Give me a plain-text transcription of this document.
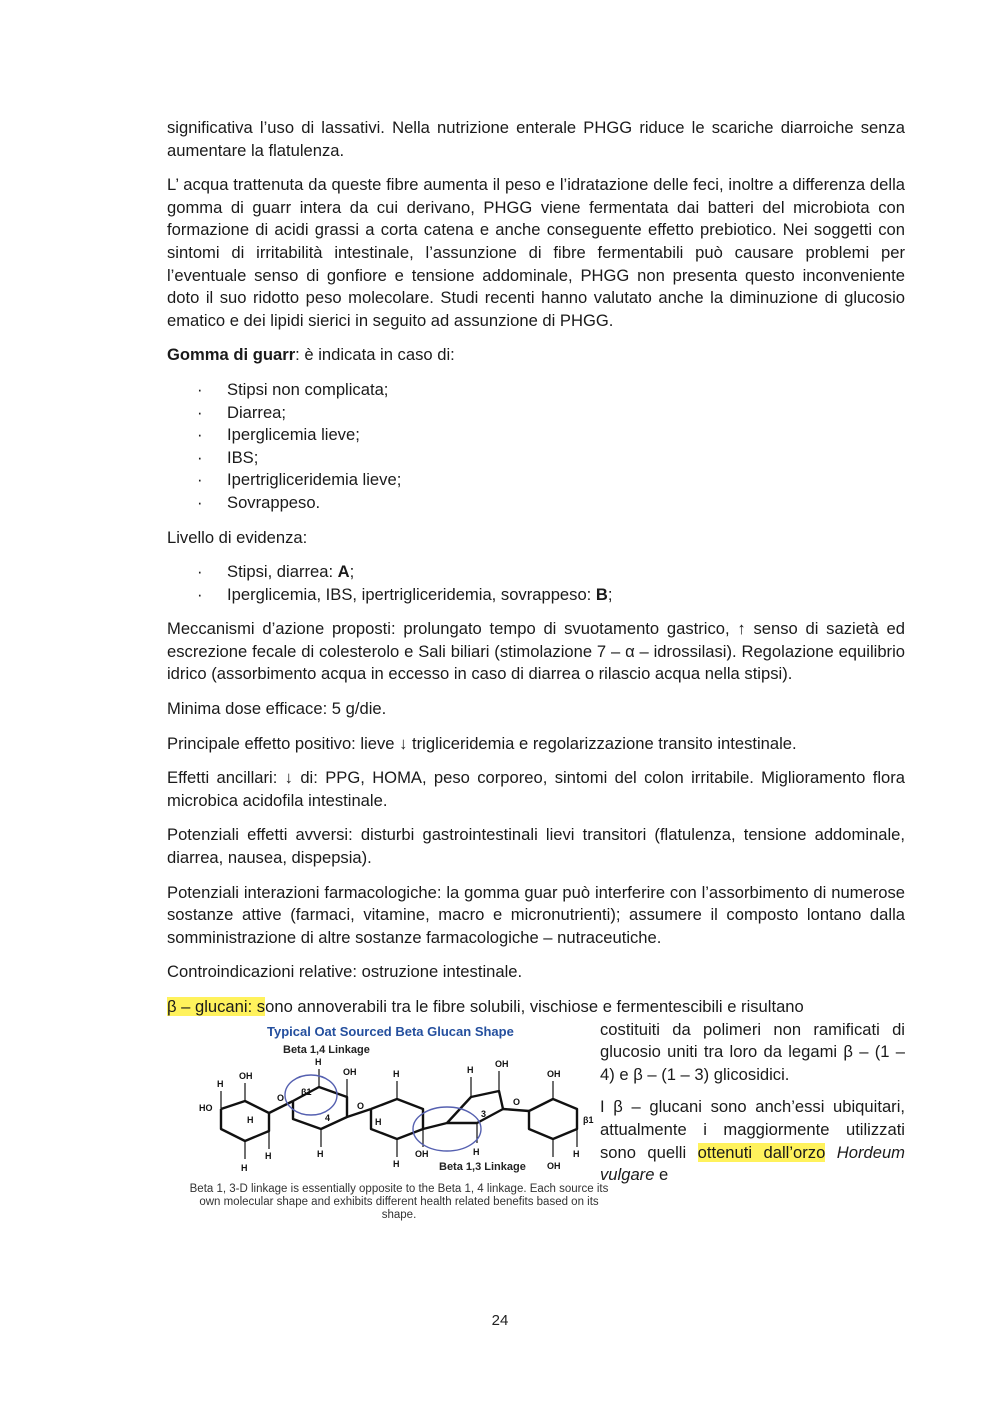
significativa l’uso di lassativi. Nella nutrizione enterale PHGG riduce le scariche diarroiche senza aumentare la flatulenza.

L’ acqua trattenuta da queste fibre aumenta il peso e l’idratazione delle feci, inoltre a differenza della gomma di guarr intera da cui derivano, PHGG viene fermentata dai batteri del microbiota con formazione di acidi grassi a corta catena e anche conseguente effetto prebiotico. Nei soggetti con sintomi di irritabilità intestinale, l’assunzione di fibre fermentabili può causare problemi per l’eventuale senso di gonfiore e tensione addominale, PHGG non presenta questo inconveniente doto il suo ridotto peso molecolare. Studi recenti hanno valutato anche la diminuzione di glucosio ematico e dei lipidi sierici in seguito ad assunzione di PHGG.

Gomma di guarr: è indicata in caso di:

· Stipsi non complicata;
· Diarrea;
· Iperglicemia lieve;
· IBS;
· Ipertrigliceridemia lieve;
· Sovrappeso.

Livello di evidenza:

· Stipsi, diarrea: A;
· Iperglicemia, IBS, ipertrigliceridemia, sovrappeso: B;

Meccanismi d’azione proposti: prolungato tempo di svuotamento gastrico, ↑ senso di sazietà ed escrezione fecale di colesterolo e Sali biliari (stimolazione 7 – α – idrossilasi). Regolazione equilibrio idrico (assorbimento acqua in eccesso in caso di diarrea o rilascio acqua nella stipsi).

Minima dose efficace: 5 g/die.

Principale effetto positivo: lieve ↓ trigliceridemia e regolarizzazione transito intestinale.

Effetti ancillari: ↓ di: PPG, HOMA, peso corporeo, sintomi del colon irritabile. Miglioramento flora microbica acidofila intestinale.

Potenziali effetti avversi: disturbi gastrointestinali lievi transitori (flatulenza, tensione addominale, diarrea, nausea, dispepsia).

Potenziali interazioni farmacologiche: la gomma guar può interferire con l’assorbimento di numerose sostanze attive (farmaci, vitamine, macro e micronutrienti); assumere il composto lontano dalla somministrazione di altre sostanze farmacologiche – nutraceutiche.

Controindicazioni relative: ostruzione intestinale.

β – glucani: sono annoverabili tra le fibre solubili, vischiose e fermentescibili e risultano

Typical Oat Sourced Beta Glucan Shape
Beta 1,4 Linkage
HO
H
OH
H
O
H
H
OH
β1
H
O
H
OH
H
H
4
H
OH
3
O
H
OH
β1
H
OH
H	Beta 1,3 Linkage
Beta 1, 3-D linkage is essentially opposite to the Beta 1, 4 linkage. Each source its own molecular shape and exhibits different health related benefits based on its shape.

costituiti da polimeri non ramificati di glucosio uniti tra loro da legami β – (1 – 4) e β – (1 – 3) glicosidici.

I β – glucani sono anch’essi ubiquitari, attualmente i maggiormente utilizzati sono quelli ottenuti dall’orzo Hordeum vulgare e

24
